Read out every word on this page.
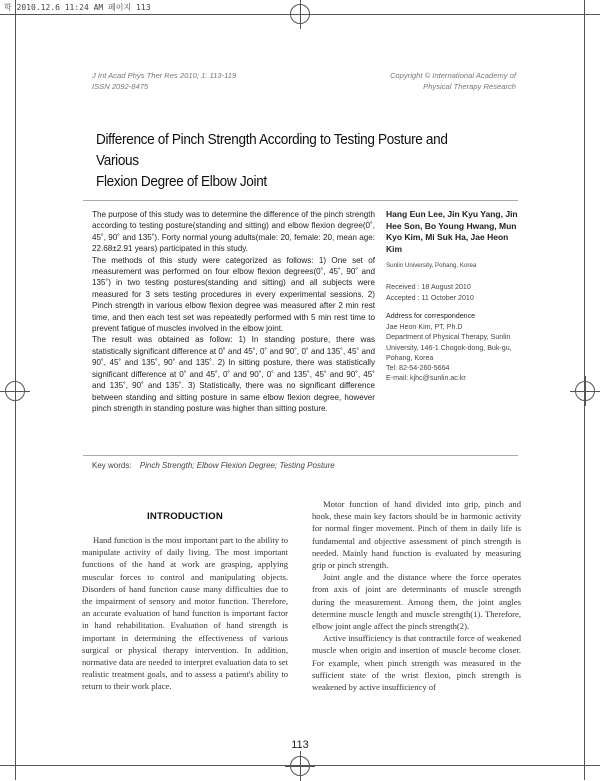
학 2010.12.6 11:24 AM 페이지 113
J Int Acad Phys Ther Res 2010; 1: 113-119
ISSN 2092-8475
Copyright © International Academy of
Physical Therapy Research
Difference of Pinch Strength According to Testing Posture and Various
Flexion Degree of Elbow Joint

The purpose of this study was to determine the difference of the pinch strength according to testing posture(standing and sitting) and elbow flexion degree(0˚, 45˚, 90˚ and 135˚). Forty normal young adults(male: 20, female: 20, mean age: 22.68±2.91 years) participated in this study.

The methods of this study were categorized as follows: 1) One set of measurement was performed on four elbow flexion degrees(0˚, 45˚, 90˚ and 135˚) in two testing postures(standing and sitting) and all subjects were measured for 3 sets testing procedures in every experimental sessions. 2) Pinch strength in various elbow flexion degree was measured after 2 min rest time, and then each test set was repeatedly performed with 5 min rest time to prevent fatigue of muscles involved in the elbow joint.

The result was obtained as follow: 1) In standing posture, there was statistically significant difference at 0˚ and 45˚, 0˚ and 90˚, 0˚ and 135˚, 45˚ and 90˚, 45˚ and 135˚, 90˚ and 135˚. 2) In sitting posture, there was statistically significant difference at 0˚ and 45˚, 0˚ and 90˚, 0˚ and 135˚, 45˚ and 90˚, 45˚ and 135˚, 90˚ and 135˚. 3) Statistically, there was no significant difference between standing and sitting posture in same elbow flexion degree, however pinch strength in standing posture was higher than sitting posture.

Hang Eun Lee, Jin Kyu Yang, Jin Hee Son, Bo Young Hwang, Mun Kyo Kim, Mi Suk Ha, Jae Heon Kim
Sunlin University, Pohang, Korea
Received : 18 August 2010
Accepted : 11 October 2010
Address for correspondence
Jae Heon Kim, PT, Ph.D
Department of Physical Therapy, Sunlin University, 146-1 Chogok-dong, Buk-gu, Pohang, Korea
Tel: 82-54-260-5664
E-mail: kjhc@sunlin.ac.kr
Key words: Pinch Strength; Elbow Flexion Degree; Testing Posture
INTRODUCTION

Hand function is the most important part to the ability to manipulate activity of daily living. The most important functions of the hand at work are grasping, applying muscular forces to control and manipulating objects. Disorders of hand function cause many difficulties due to the impairment of sensory and motor function. Therefore, an accurate evaluation of hand function is important factor in hand rehabilitation. Evaluation of hand strength is important in determining the effectiveness of various surgical or physical therapy intervention. In addition, normative data are needed to interpret evaluation data to set realistic treatment goals, and to assess a patient's ability to return to their work place.

Motor function of hand divided into grip, pinch and hook, these main key factors should be in harmonic activity for normal finger movement. Pinch of them in daily life is fundamental and objective assessment of pinch strength is needed. Mainly hand function is evaluated by measuring grip or pinch strength.

Joint angle and the distance where the force operates from axis of joint are determinants of muscle strength during the measurement. Among them, the joint angles determine muscle length and muscle strength(1). Therefore, elbow joint angle affect the pinch strength(2).

Active insufficiency is that contractile force of weakened muscle when origin and insertion of muscle become closer. For example, when pinch strength was measured in the sufficient state of the wrist flexion, pinch strength is weakened by active insufficiency of

113
